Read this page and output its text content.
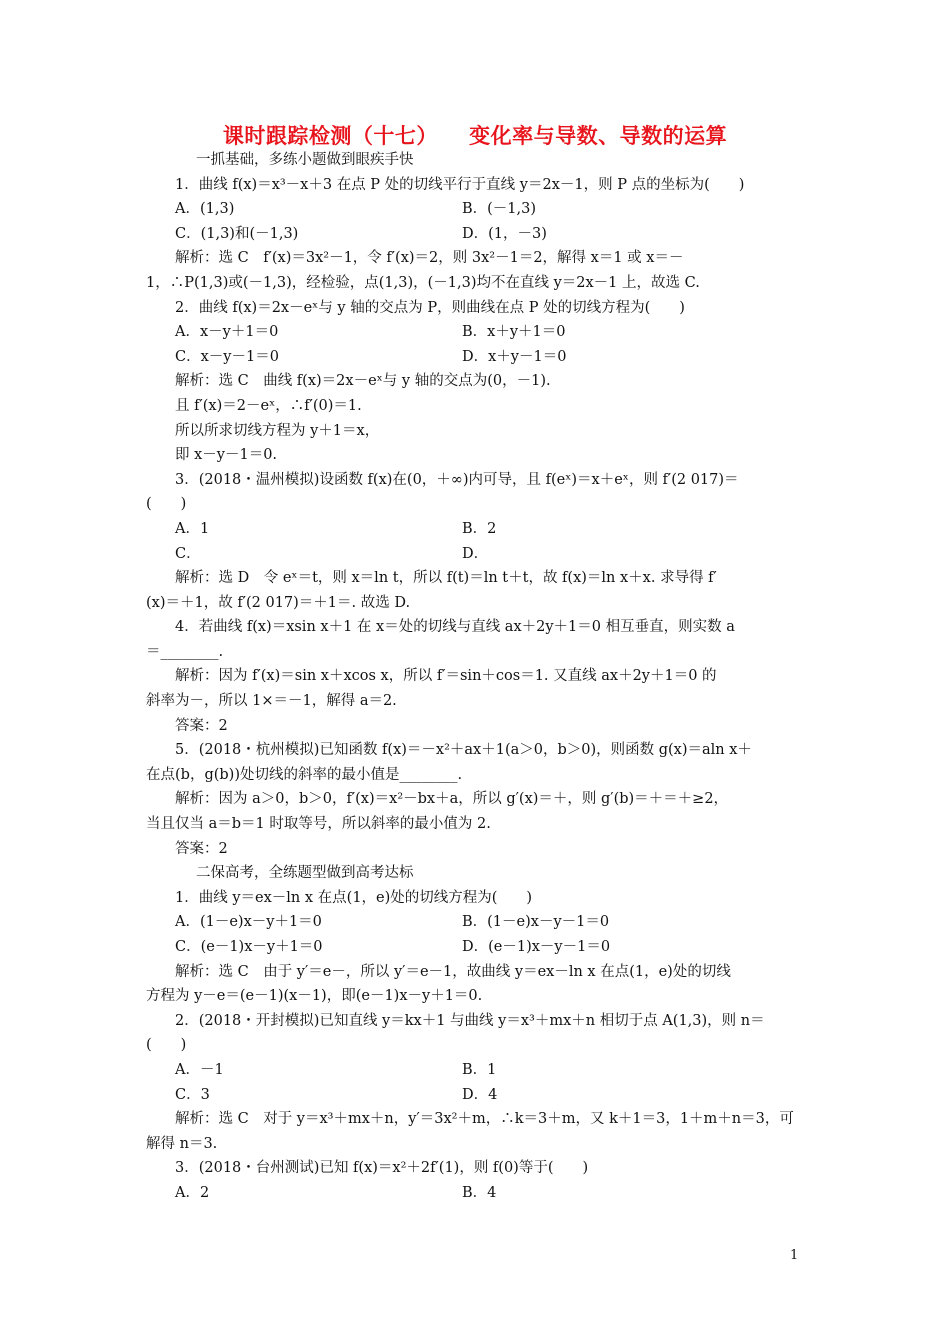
课时跟踪检测（十七）    变化率与导数、导数的运算
一抓基础，多练小题做到眼疾手快
1．曲线 f(x)＝x³－x＋3 在点 P 处的切线平行于直线 y＝2x－1，则 P 点的坐标为(　　)
A．(1,3)	B．(－1,3)
C．(1,3)和(－1,3)	D．(1，－3)
解析：选 C　f′(x)＝3x²－1，令 f′(x)＝2，则 3x²－1＝2，解得 x＝1 或 x＝－
1，∴P(1,3)或(－1,3)，经检验，点(1,3)，(－1,3)均不在直线 y＝2x－1 上，故选 C.
2．曲线 f(x)＝2x－eˣ与 y 轴的交点为 P，则曲线在点 P 处的切线方程为(　　)
A．x－y＋1＝0	B．x＋y＋1＝0
C．x－y－1＝0	D．x＋y－1＝0
解析：选 C　曲线 f(x)＝2x－eˣ与 y 轴的交点为(0，－1).
且 f′(x)＝2－eˣ，∴f′(0)＝1.
所以所求切线方程为 y＋1＝x，
即 x－y－1＝0.
3．(2018・温州模拟)设函数 f(x)在(0，＋∞)内可导，且 f(eˣ)＝x＋eˣ，则 f′(2 017)＝
(　　)
A．1	B．2
C．	D．
解析：选 D　令 eˣ＝t，则 x＝ln t，所以 f(t)＝ln t＋t，故 f(x)＝ln x＋x. 求导得 f′
(x)＝＋1，故 f′(2 017)＝＋1＝. 故选 D.
4．若曲线 f(x)＝xsin x＋1 在 x＝处的切线与直线 ax＋2y＋1＝0 相互垂直，则实数 a
＝________.
解析：因为 f′(x)＝sin x＋xcos x，所以 f′＝sin＋cos＝1. 又直线 ax＋2y＋1＝0 的
斜率为－，所以 1×＝－1，解得 a＝2.
答案：2
5．(2018・杭州模拟)已知函数 f(x)＝－x²＋ax＋1(a＞0，b＞0)，则函数 g(x)＝aln x＋
在点(b，g(b))处切线的斜率的最小值是________.
解析：因为 a＞0，b＞0，f′(x)＝x²－bx＋a，所以 g′(x)＝＋，则 g′(b)＝＋＝＋≥2，
当且仅当 a＝b＝1 时取等号，所以斜率的最小值为 2.
答案：2
二保高考，全练题型做到高考达标
1．曲线 y＝ex－ln x 在点(1，e)处的切线方程为(　　)
A．(1－e)x－y＋1＝0	B．(1－e)x－y－1＝0
C．(e－1)x－y＋1＝0	D．(e－1)x－y－1＝0
解析：选 C　由于 y′＝e－，所以 y′＝e－1，故曲线 y＝ex－ln x 在点(1，e)处的切线
方程为 y－e＝(e－1)(x－1)，即(e－1)x－y＋1＝0.
2．(2018・开封模拟)已知直线 y＝kx＋1 与曲线 y＝x³＋mx＋n 相切于点 A(1,3)，则 n＝
(　　)
A．－1	B．1
C．3	D．4
解析：选 C　对于 y＝x³＋mx＋n，y′＝3x²＋m，∴k＝3＋m，又 k＋1＝3，1＋m＋n＝3，可
解得 n＝3.
3．(2018・台州测试)已知 f(x)＝x²＋2f′(1)，则 f(0)等于(　　)
A．2	B．4
1
